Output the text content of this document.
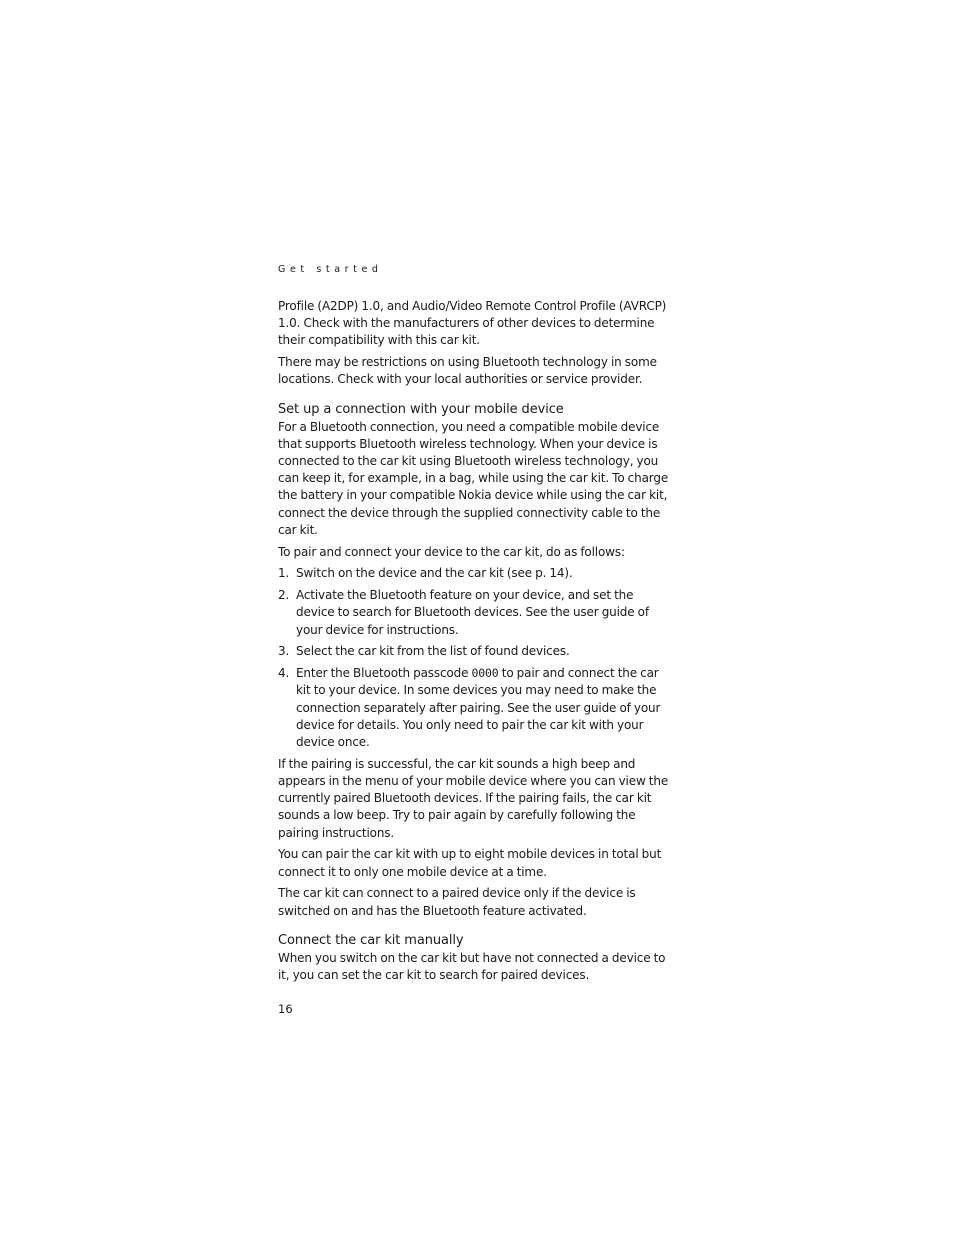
Get started

Profile (A2DP) 1.0, and Audio/Video Remote Control Profile (AVRCP) 1.0. Check with the manufacturers of other devices to determine their compatibility with this car kit.

There may be restrictions on using Bluetooth technology in some locations. Check with your local authorities or service provider.

Set up a connection with your mobile device

For a Bluetooth connection, you need a compatible mobile device that supports Bluetooth wireless technology. When your device is connected to the car kit using Bluetooth wireless technology, you can keep it, for example, in a bag, while using the car kit. To charge the battery in your compatible Nokia device while using the car kit, connect the device through the supplied connectivity cable to the car kit.

To pair and connect your device to the car kit, do as follows:

1. Switch on the device and the car kit (see p. 14).
2. Activate the Bluetooth feature on your device, and set the device to search for Bluetooth devices. See the user guide of your device for instructions.
3. Select the car kit from the list of found devices.
4. Enter the Bluetooth passcode 0000 to pair and connect the car kit to your device. In some devices you may need to make the connection separately after pairing. See the user guide of your device for details. You only need to pair the car kit with your device once.

If the pairing is successful, the car kit sounds a high beep and appears in the menu of your mobile device where you can view the currently paired Bluetooth devices. If the pairing fails, the car kit sounds a low beep. Try to pair again by carefully following the pairing instructions.

You can pair the car kit with up to eight mobile devices in total but connect it to only one mobile device at a time.

The car kit can connect to a paired device only if the device is switched on and has the Bluetooth feature activated.

Connect the car kit manually

When you switch on the car kit but have not connected a device to it, you can set the car kit to search for paired devices.

16
